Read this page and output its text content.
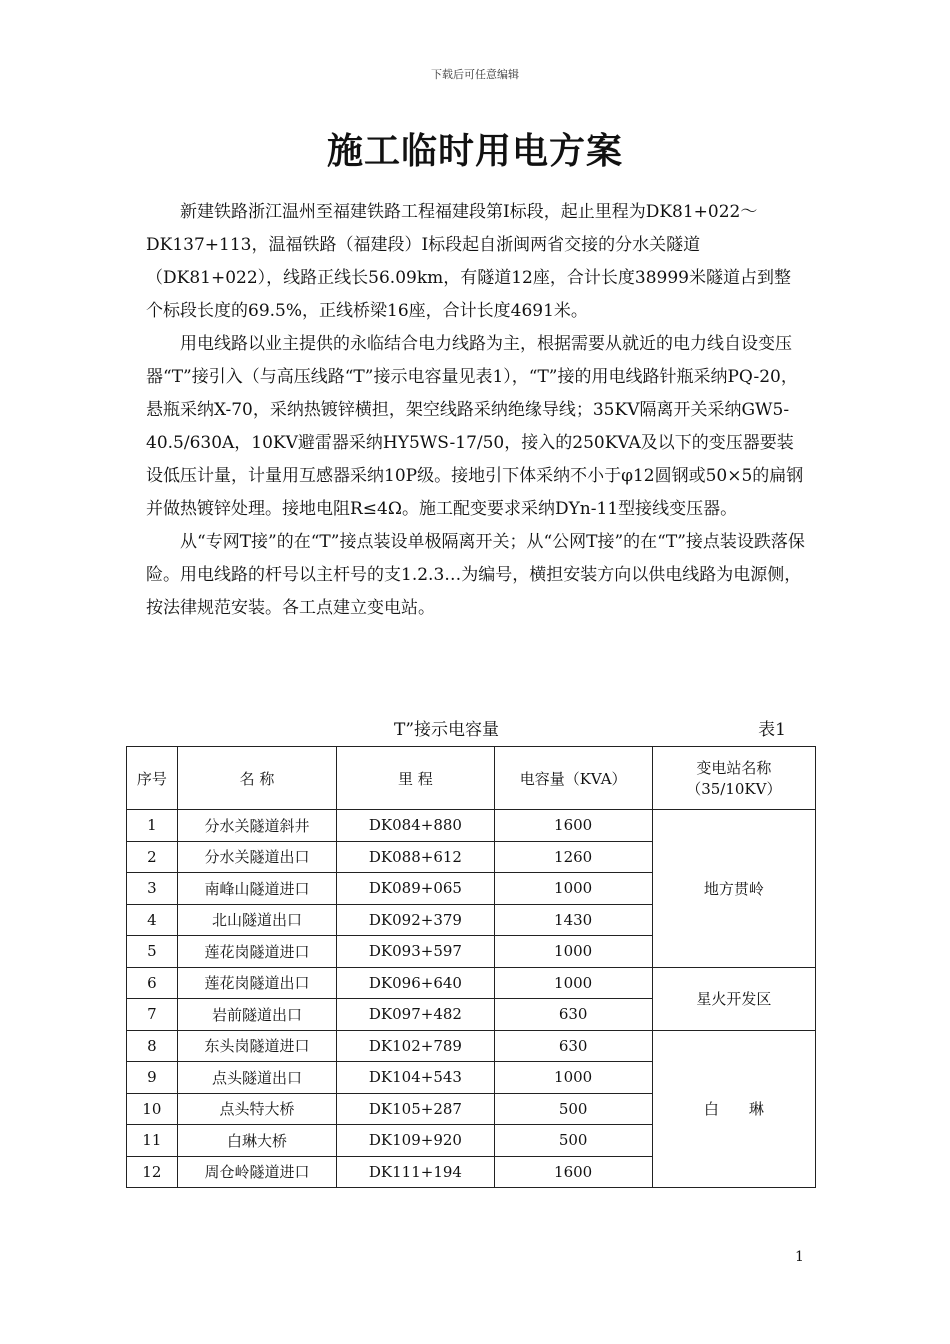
下载后可任意编辑
施工临时用电方案

新建铁路浙江温州至福建铁路工程福建段第Ⅰ标段，起止里程为DK81+022～DK137+113，温福铁路（福建段）Ⅰ标段起自浙闽两省交接的分水关隧道（DK81+022），线路正线长56.09km，有隧道12座，合计长度38999米隧道占到整个标段长度的69.5%，正线桥梁16座，合计长度4691米。

用电线路以业主提供的永临结合电力线路为主，根据需要从就近的电力线自设变压器“T”接引入（与高压线路“T”接示电容量见表1），“T”接的用电线路针瓶采纳PQ-20，悬瓶采纳X-70，采纳热镀锌横担，架空线路采纳绝缘导线；35KV隔离开关采纳GW5-40.5/630A，10KV避雷器采纳HY5WS-17/50，接入的250KVA及以下的变压器要装设低压计量，计量用互感器采纳10P级。接地引下体采纳不小于φ12圆钢或50×5的扁钢并做热镀锌处理。接地电阻R≤4Ω。施工配变要求采纳DYn-11型接线变压器。

从“专网T接”的在“T”接点装设单极隔离开关；从“公网T接”的在“T”接点装设跌落保险。用电线路的杆号以主杆号的支1.2.3…为编号，横担安装方向以供电线路为电源侧，按法律规范安装。各工点建立变电站。

T”接示电容量	表1
序号	名 称	里 程	电容量（KVA）	变电站名称
（35/10KV）

1	分水关隧道斜井	DK084+880	1600	地方贯岭
2	分水关隧道出口	DK088+612	1260	
3	南峰山隧道进口	DK089+065	1000	
4	北山隧道出口	DK092+379	1430	
5	莲花岗隧道进口	DK093+597	1000	
6	莲花岗隧道出口	DK096+640	1000	星火开发区
7	岩前隧道出口	DK097+482	630	
8	东头岗隧道进口	DK102+789	630	白　　琳
9	点头隧道出口	DK104+543	1000	
10	点头特大桥	DK105+287	500	
11	白琳大桥	DK109+920	500	
12	周仓岭隧道进口	DK111+194	1600	
1
